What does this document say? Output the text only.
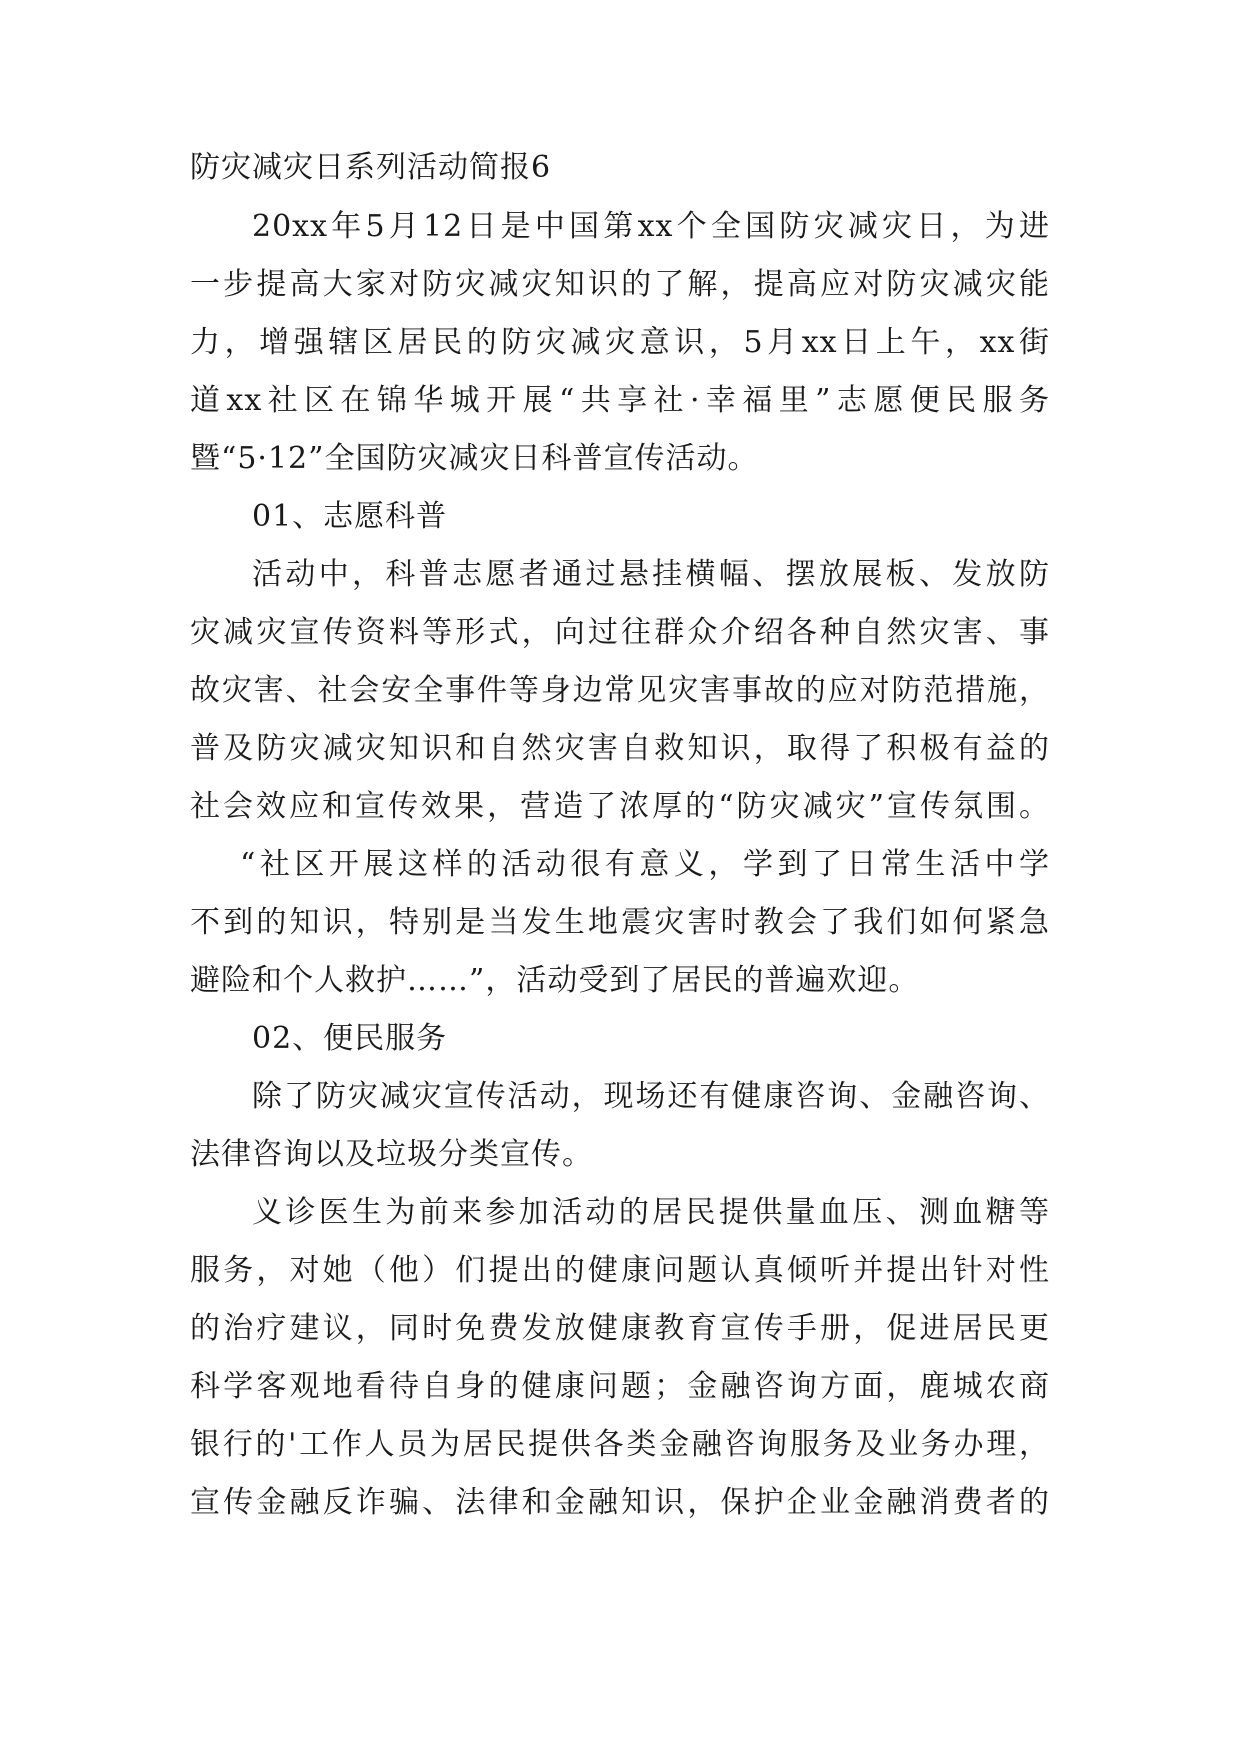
防灾减灾日系列活动简报6
20xx年5月12日是中国第xx个全国防灾减灾日，为进
一步提高大家对防灾减灾知识的了解，提高应对防灾减灾能
力，增强辖区居民的防灾减灾意识，5月xx日上午，xx街
道xx社区在锦华城开展“共享社·幸福里”志愿便民服务
暨“5·12”全国防灾减灾日科普宣传活动。
01、志愿科普
活动中，科普志愿者通过悬挂横幅、摆放展板、发放防
灾减灾宣传资料等形式，向过往群众介绍各种自然灾害、事
故灾害、社会安全事件等身边常见灾害事故的应对防范措施，
普及防灾减灾知识和自然灾害自救知识，取得了积极有益的
社会效应和宣传效果，营造了浓厚的“防灾减灾”宣传氛围。
“社区开展这样的活动很有意义，学到了日常生活中学
不到的知识，特别是当发生地震灾害时教会了我们如何紧急
避险和个人救护……”，活动受到了居民的普遍欢迎。
02、便民服务
除了防灾减灾宣传活动，现场还有健康咨询、金融咨询、
法律咨询以及垃圾分类宣传。
义诊医生为前来参加活动的居民提供量血压、测血糖等
服务，对她（他）们提出的健康问题认真倾听并提出针对性
的治疗建议，同时免费发放健康教育宣传手册，促进居民更
科学客观地看待自身的健康问题；金融咨询方面，鹿城农商
银行的'工作人员为居民提供各类金融咨询服务及业务办理，
宣传金融反诈骗、法律和金融知识，保护企业金融消费者的
